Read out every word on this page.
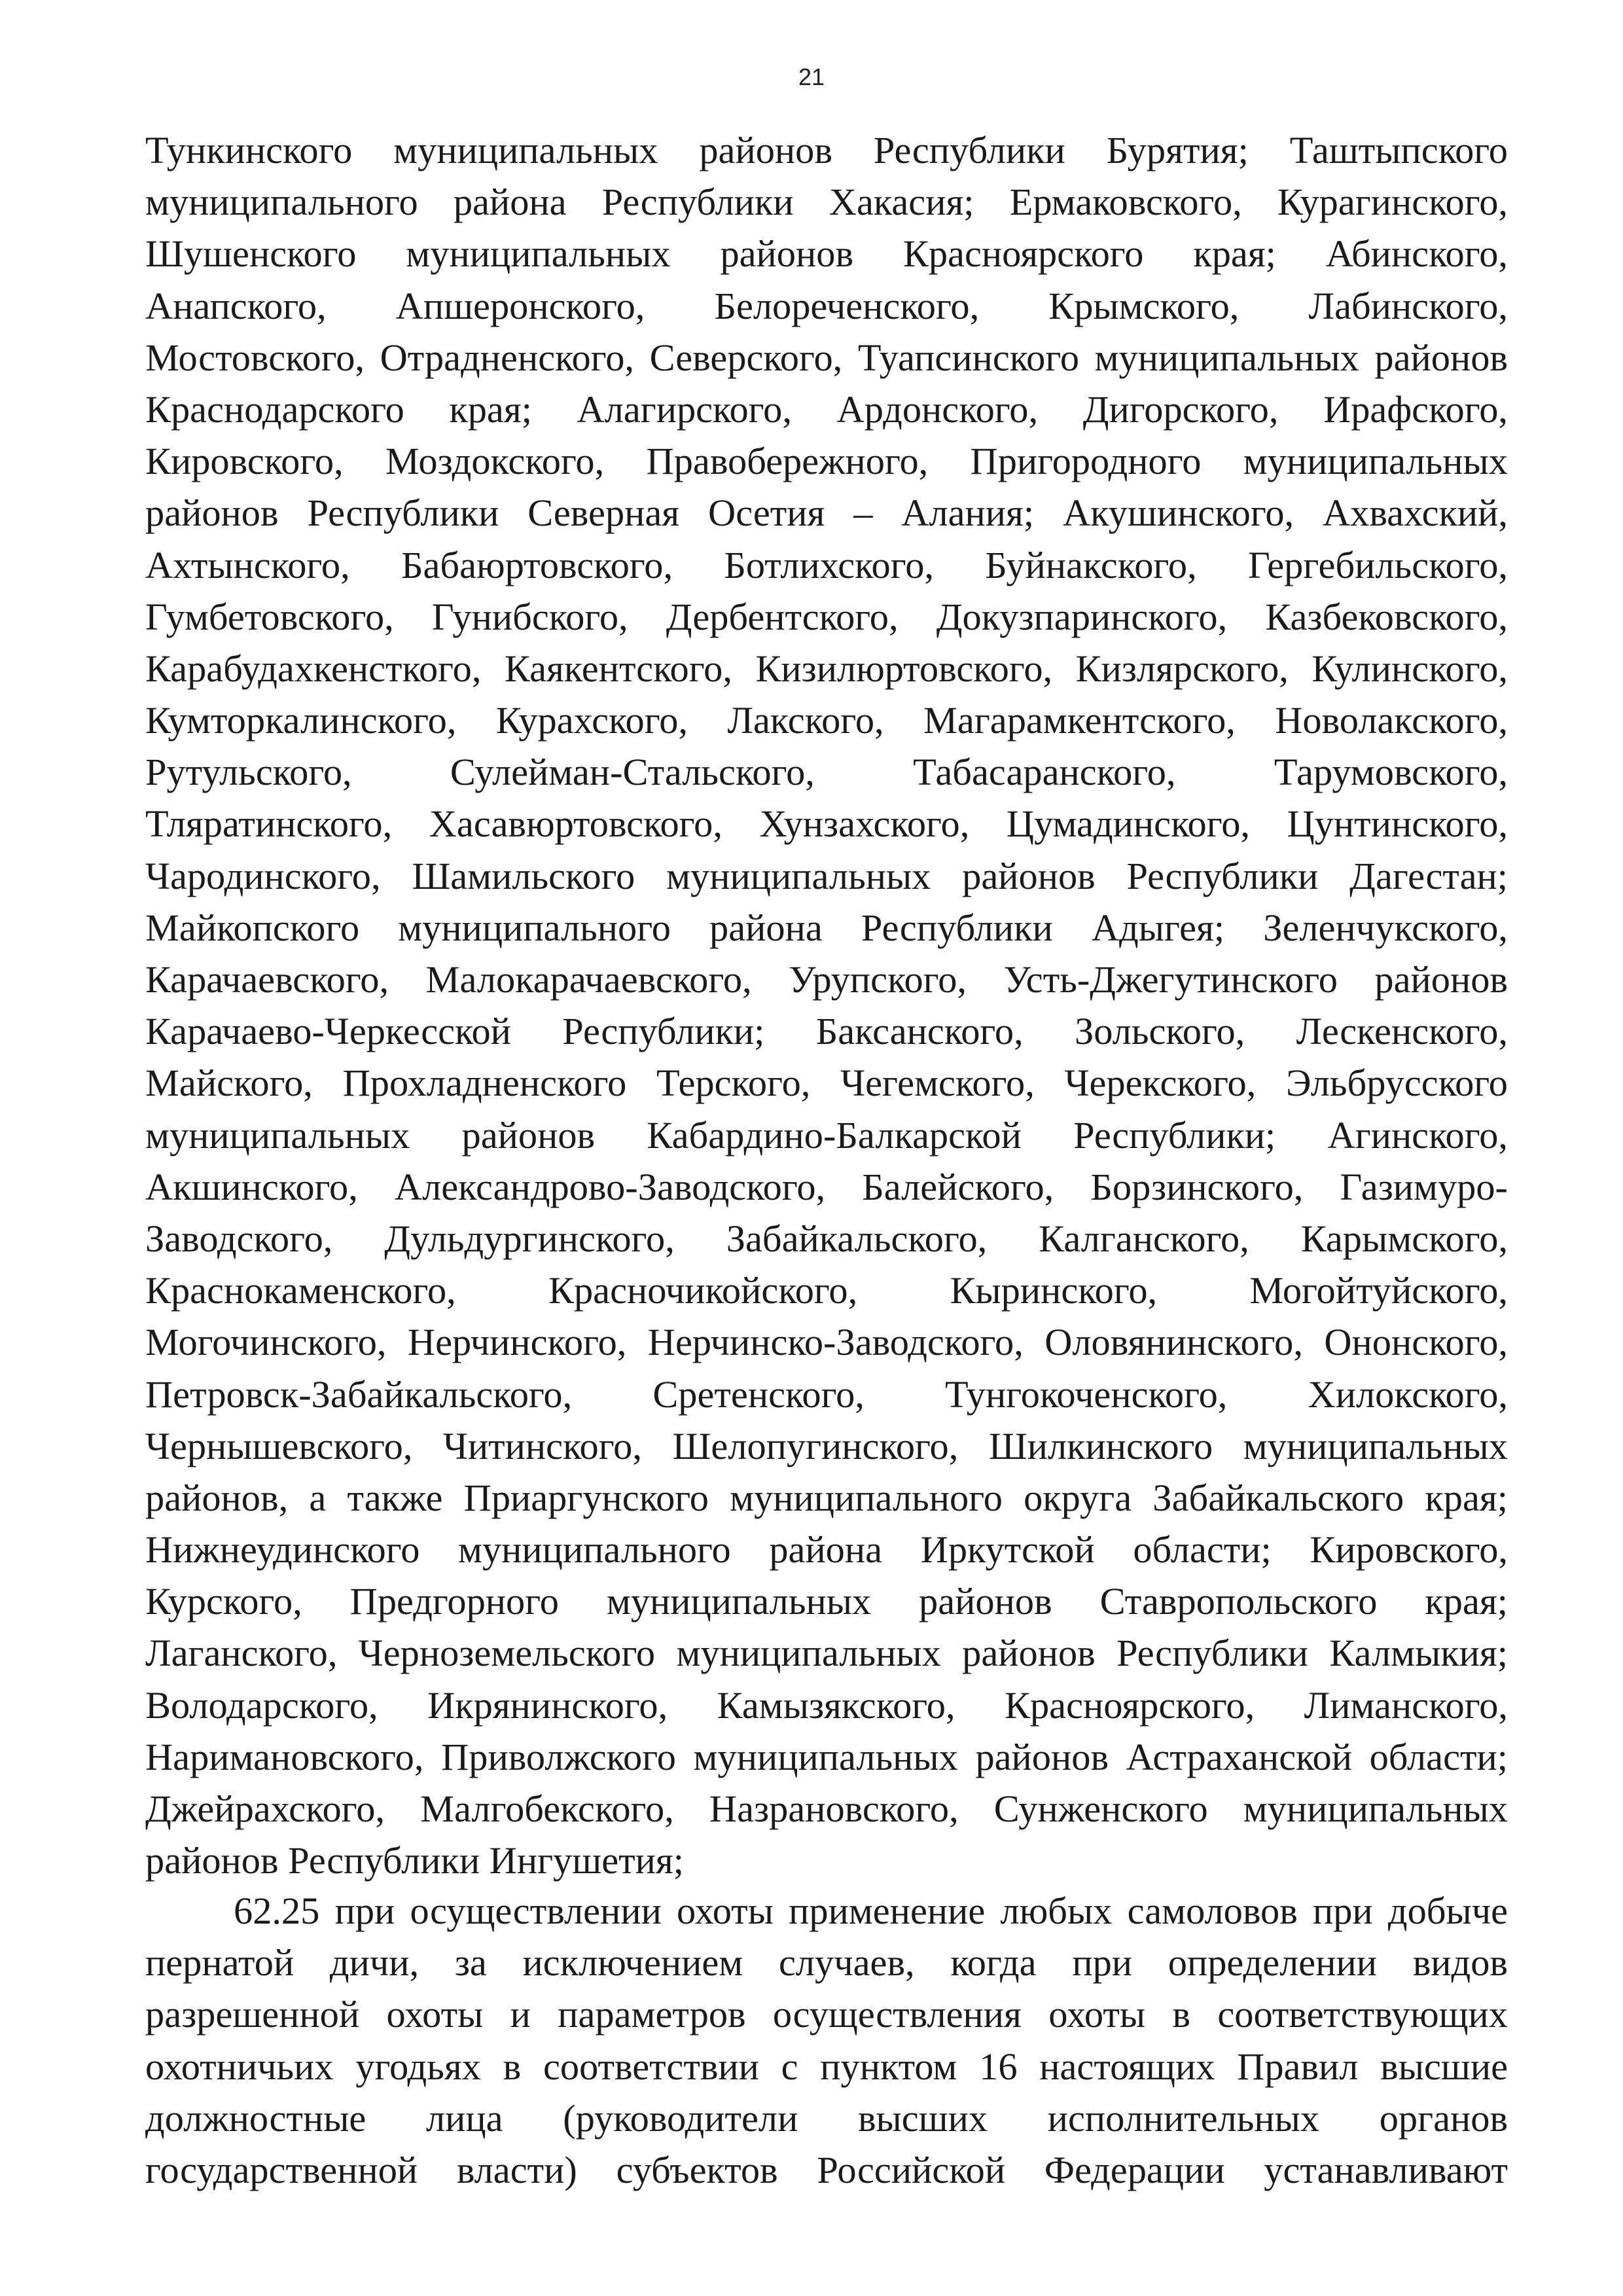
21
Тункинского муниципальных районов Республики Бурятия; Таштыпского
муниципального района Республики Хакасия; Ермаковского, Курагинского,
Шушенского муниципальных районов Красноярского края; Абинского,
Анапского, Апшеронского, Белореченского, Крымского, Лабинского,
Мостовского, Отрадненского, Северского, Туапсинского муниципальных районов
Краснодарского края; Алагирского, Ардонского, Дигорского, Ирафского,
Кировского, Моздокского, Правобережного, Пригородного муниципальных
районов Республики Северная Осетия – Алания; Акушинского, Ахвахский,
Ахтынского, Бабаюртовского, Ботлихского, Буйнакского, Гергебильского,
Гумбетовского, Гунибского, Дербентского, Докузпаринского, Казбековского,
Карабудахкенсткого, Каякентского, Кизилюртовского, Кизлярского, Кулинского,
Кумторкалинского, Курахского, Лакского, Магарамкентского, Новолакского,
Рутульского, Сулейман-Стальского, Табасаранского, Тарумовского,
Тляратинского, Хасавюртовского, Хунзахского, Цумадинского, Цунтинского,
Чародинского, Шамильского муниципальных районов Республики Дагестан;
Майкопского муниципального района Республики Адыгея; Зеленчукского,
Карачаевского, Малокарачаевского, Урупского, Усть-Джегутинского районов
Карачаево-Черкесской Республики; Баксанского, Зольского, Лескенского,
Майского, Прохладненского Терского, Чегемского, Черекского, Эльбрусского
муниципальных районов Кабардино-Балкарской Республики; Агинского,
Акшинского, Александрово-Заводского, Балейского, Борзинского, Газимуро-
Заводского, Дульдургинского, Забайкальского, Калганского, Карымского,
Краснокаменского, Красночикойского, Кыринского, Могойтуйского,
Могочинского, Нерчинского, Нерчинско-Заводского, Оловянинского, Ононского,
Петровск-Забайкальского, Сретенского, Тунгокоченского, Хилокского,
Чернышевского, Читинского, Шелопугинского, Шилкинского муниципальных
районов, а также Приаргунского муниципального округа Забайкальского края;
Нижнеудинского муниципального района Иркутской области; Кировского,
Курского, Предгорного муниципальных районов Ставропольского края;
Лаганского, Черноземельского муниципальных районов Республики Калмыкия;
Володарского, Икрянинского, Камызякского, Красноярского, Лиманского,
Наримановского, Приволжского муниципальных районов Астраханской области;
Джейрахского, Малгобекского, Назрановского, Сунженского муниципальных
районов Республики Ингушетия;
62.25 при осуществлении охоты применение любых самоловов при добыче
пернатой дичи, за исключением случаев, когда при определении видов
разрешенной охоты и параметров осуществления охоты в соответствующих
охотничьих угодьях в соответствии с пунктом 16 настоящих Правил высшие
должностные лица (руководители высших исполнительных органов
государственной власти) субъектов Российской Федерации устанавливают
